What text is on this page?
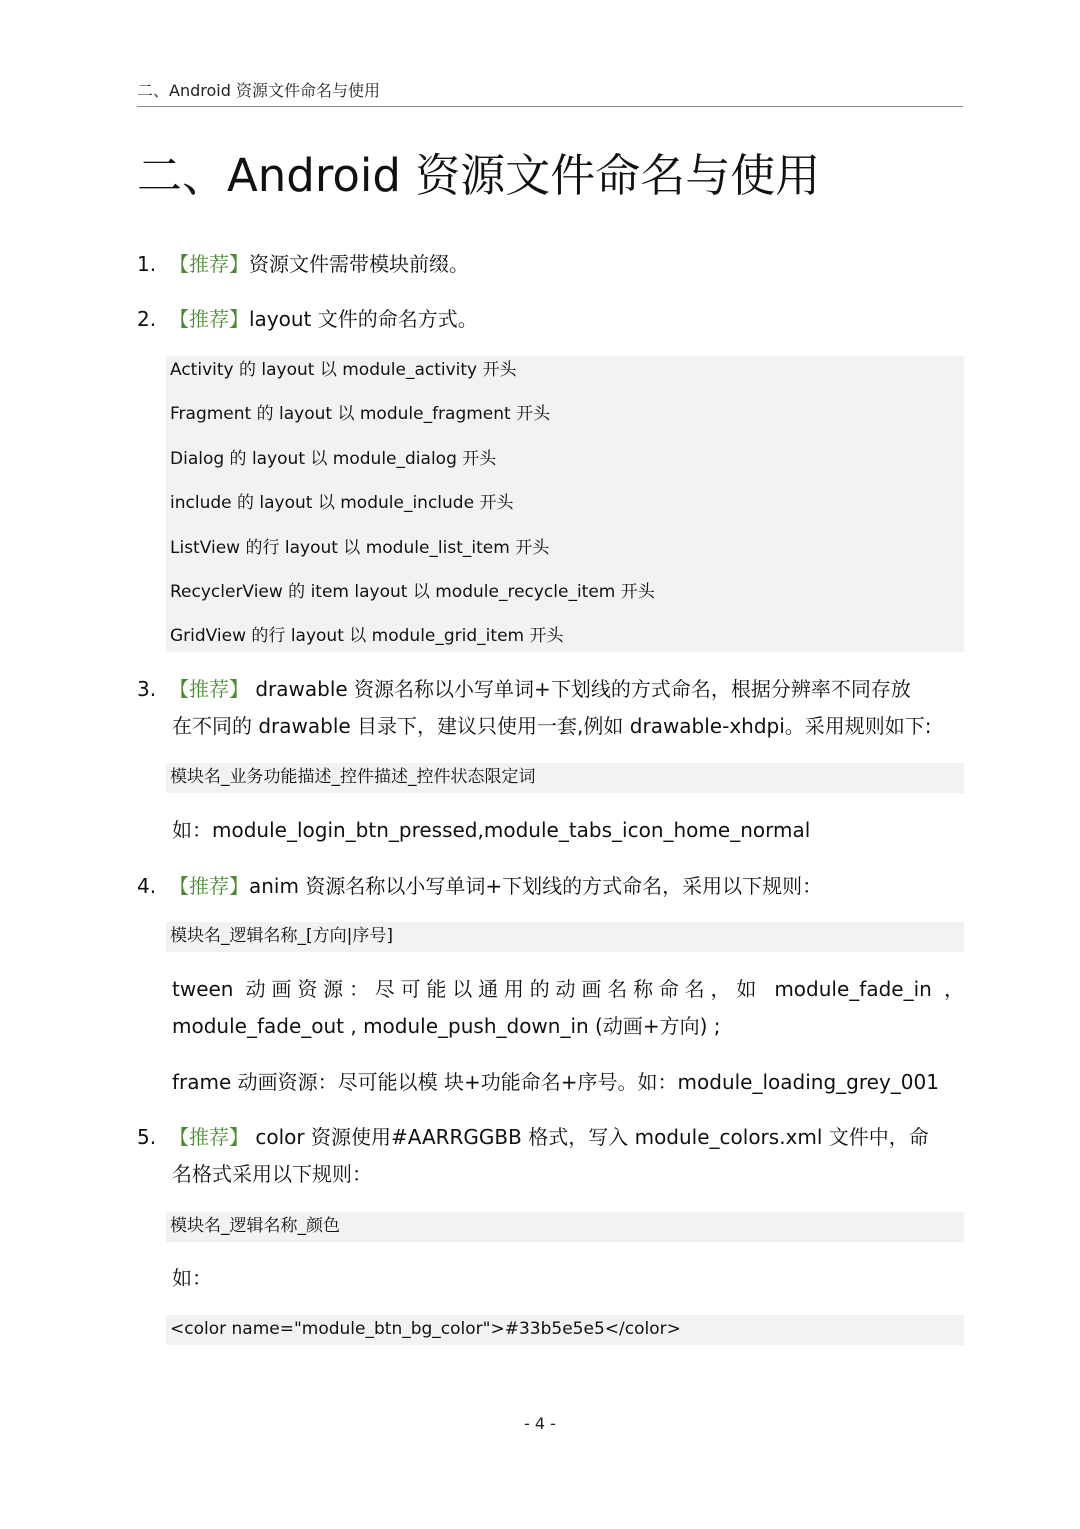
二、Android 资源文件命名与使用
二、Android 资源文件命名与使用
1. 【推荐】资源文件需带模块前缀。
2. 【推荐】layout 文件的命名方式。
Activity 的 layout 以 module_activity 开头
Fragment 的 layout 以 module_fragment 开头
Dialog 的 layout 以 module_dialog 开头
include 的 layout 以 module_include 开头
ListView 的行 layout 以 module_list_item 开头
RecyclerView 的 item layout 以 module_recycle_item 开头
GridView 的行 layout 以 module_grid_item 开头
3. 【推荐】 drawable 资源名称以小写单词+下划线的方式命名，根据分辨率不同存放
在不同的 drawable 目录下，建议只使用一套,例如 drawable-xhdpi。采用规则如下:
模块名_业务功能描述_控件描述_控件状态限定词
如：module_login_btn_pressed,module_tabs_icon_home_normal
4. 【推荐】anim 资源名称以小写单词+下划线的方式命名，采用以下规则：
模块名_逻辑名称_[方向|序号]
tween 动画资源：尽可能以通用的动画名称命名，如 module_fade_in ，
module_fade_out , module_push_down_in (动画+方向) ;
frame 动画资源：尽可能以模 块+功能命名+序号。如：module_loading_grey_001
5. 【推荐】 color 资源使用#AARRGGBB 格式，写入 module_colors.xml 文件中，命
名格式采用以下规则：
模块名_逻辑名称_颜色
如：
<color name="module_btn_bg_color">#33b5e5e5</color>
- 4 -
